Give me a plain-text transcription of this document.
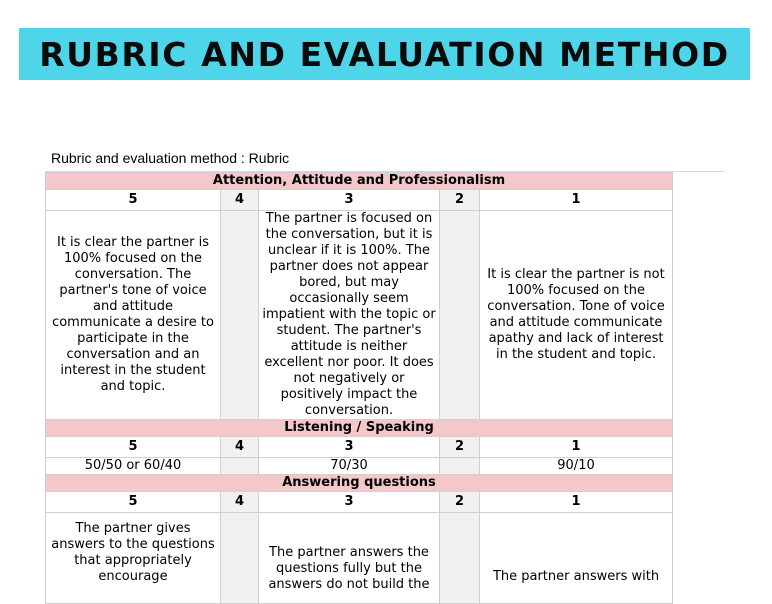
RUBRIC AND EVALUATION METHOD
Rubric and evaluation method : Rubric
Attention, Attitude and Professionalism				
5	4	3	2	1
It is clear the partner is 100% focused on the conversation. The partner's tone of voice and attitude communicate a desire to participate in the conversation and an interest in the student and topic.		The partner is focused on the conversation, but it is unclear if it is 100%. The partner does not appear bored, but may occasionally seem impatient with the topic or student. The partner's attitude is neither excellent nor poor. It does not negatively or positively impact the conversation.		It is clear the partner is not 100% focused on the conversation. Tone of voice and attitude communicate apathy and lack of interest in the student and topic.
Listening / Speaking				
5	4	3	2	1
50/50 or 60/40		70/30		90/10
Answering questions				
5	4	3	2	1

The partner gives answers to the questions that appropriately encourage		The partner answers the questions fully but the answers do not build the		The partner answers with
